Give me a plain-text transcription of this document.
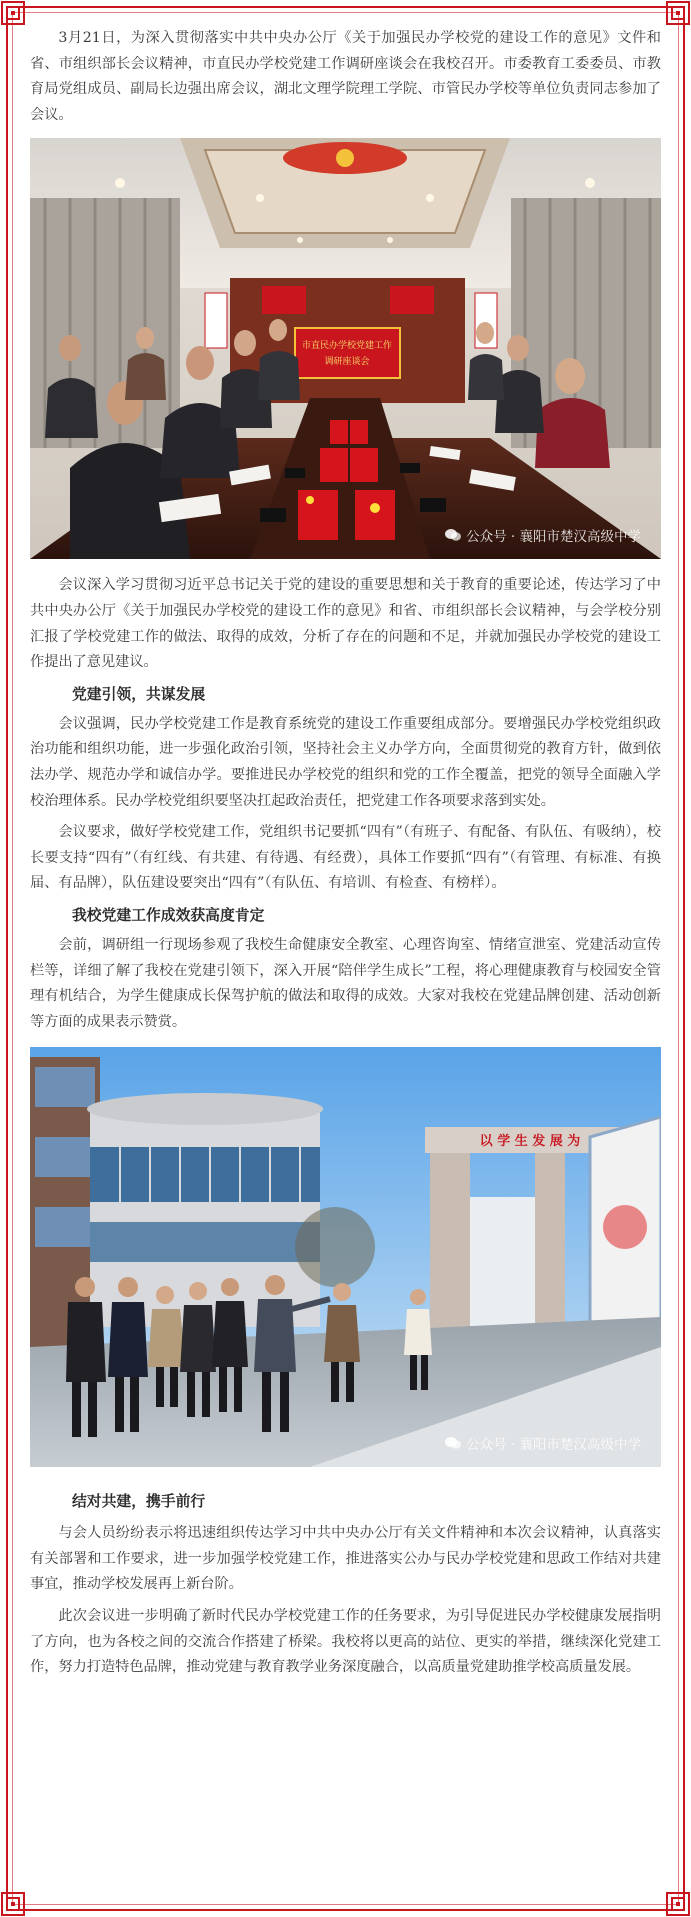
3月21日，为深入贯彻落实中共中央办公厅《关于加强民办学校党的建设工作的意见》文件和省、市组织部长会议精神，市直民办学校党建工作调研座谈会在我校召开。市委教育工委委员、市教育局党组成员、副局长边强出席会议，湖北文理学院理工学院、市管民办学校等单位负责同志参加了会议。

市直民办学校党建工作
调研座谈会
公众号 · 襄阳市楚汉高级中学

会议深入学习贯彻习近平总书记关于党的建设的重要思想和关于教育的重要论述，传达学习了中共中央办公厅《关于加强民办学校党的建设工作的意见》和省、市组织部长会议精神，与会学校分别汇报了学校党建工作的做法、取得的成效，分析了存在的问题和不足，并就加强民办学校党的建设工作提出了意见建议。

党建引领，共谋发展

会议强调，民办学校党建工作是教育系统党的建设工作重要组成部分。要增强民办学校党组织政治功能和组织功能，进一步强化政治引领，坚持社会主义办学方向，全面贯彻党的教育方针，做到依法办学、规范办学和诚信办学。要推进民办学校党的组织和党的工作全覆盖，把党的领导全面融入学校治理体系。民办学校党组织要坚决扛起政治责任，把党建工作各项要求落到实处。

会议要求，做好学校党建工作，党组织书记要抓“四有”（有班子、有配备、有队伍、有吸纳），校长要支持“四有”（有红线、有共建、有待遇、有经费），具体工作要抓“四有”（有管理、有标准、有换届、有品牌），队伍建设要突出“四有”（有队伍、有培训、有检查、有榜样）。

我校党建工作成效获高度肯定

会前，调研组一行现场参观了我校生命健康安全教室、心理咨询室、情绪宣泄室、党建活动宣传栏等，详细了解了我校在党建引领下，深入开展“陪伴学生成长”工程，将心理健康教育与校园安全管理有机结合，为学生健康成长保驾护航的做法和取得的成效。大家对我校在党建品牌创建、活动创新等方面的成果表示赞赏。

以 学 生 发 展 为
公众号 · 襄阳市楚汉高级中学
结对共建，携手前行

与会人员纷纷表示将迅速组织传达学习中共中央办公厅有关文件精神和本次会议精神，认真落实有关部署和工作要求，进一步加强学校党建工作，推进落实公办与民办学校党建和思政工作结对共建事宜，推动学校发展再上新台阶。

此次会议进一步明确了新时代民办学校党建工作的任务要求，为引导促进民办学校健康发展指明了方向，也为各校之间的交流合作搭建了桥梁。我校将以更高的站位、更实的举措，继续深化党建工作，努力打造特色品牌，推动党建与教育教学业务深度融合，以高质量党建助推学校高质量发展。
